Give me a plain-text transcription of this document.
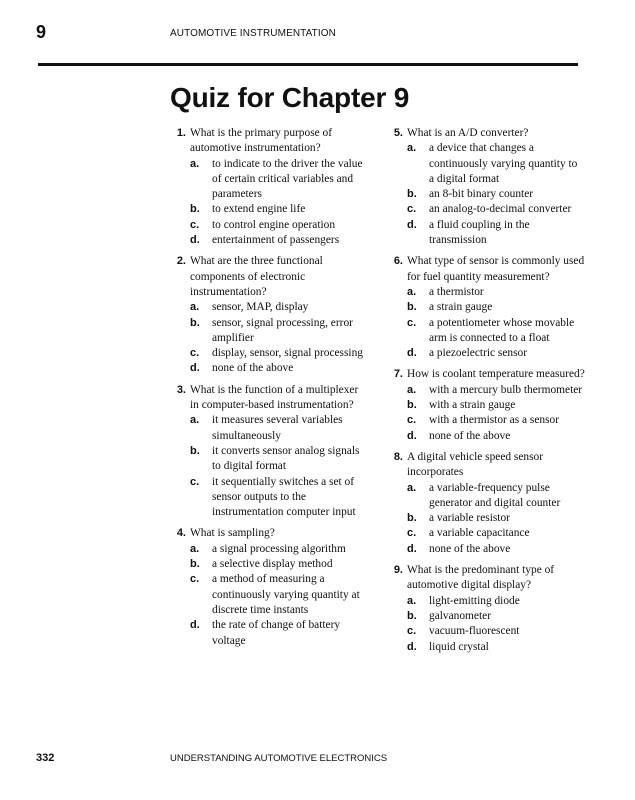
9	AUTOMOTIVE INSTRUMENTATION
Quiz for Chapter 9
1. What is the primary purpose of automotive instrumentation?
a.	to indicate to the driver the value of certain critical variables and parameters
b.	to extend engine life
c.	to control engine operation
d.	entertainment of passengers
2. What are the three functional components of electronic instrumentation?
a.	sensor, MAP, display
b.	sensor, signal processing, error amplifier
c.	display, sensor, signal processing
d.	none of the above
3. What is the function of a multiplexer in computer-based instrumentation?
a.	it measures several variables simultaneously
b.	it converts sensor analog signals to digital format
c.	it sequentially switches a set of sensor outputs to the instrumentation computer input
4. What is sampling?
a.	a signal processing algorithm
b.	a selective display method
c.	a method of measuring a continuously varying quantity at discrete time instants
d.	the rate of change of battery voltage
5. What is an A/D converter?
a.	a device that changes a continuously varying quantity to a digital format
b.	an 8-bit binary counter
c.	an analog-to-decimal converter
d.	a fluid coupling in the transmission
6. What type of sensor is commonly used for fuel quantity measurement?
a.	a thermistor
b.	a strain gauge
c.	a potentiometer whose movable arm is connected to a float
d.	a piezoelectric sensor
7. How is coolant temperature measured?
a.	with a mercury bulb thermometer
b.	with a strain gauge
c.	with a thermistor as a sensor
d.	none of the above
8. A digital vehicle speed sensor incorporates
a.	a variable-frequency pulse generator and digital counter
b.	a variable resistor
c.	a variable capacitance
d.	none of the above
9. What is the predominant type of automotive digital display?
a.	light-emitting diode
b.	galvanometer
c.	vacuum-fluorescent
d.	liquid crystal
332	UNDERSTANDING AUTOMOTIVE ELECTRONICS
